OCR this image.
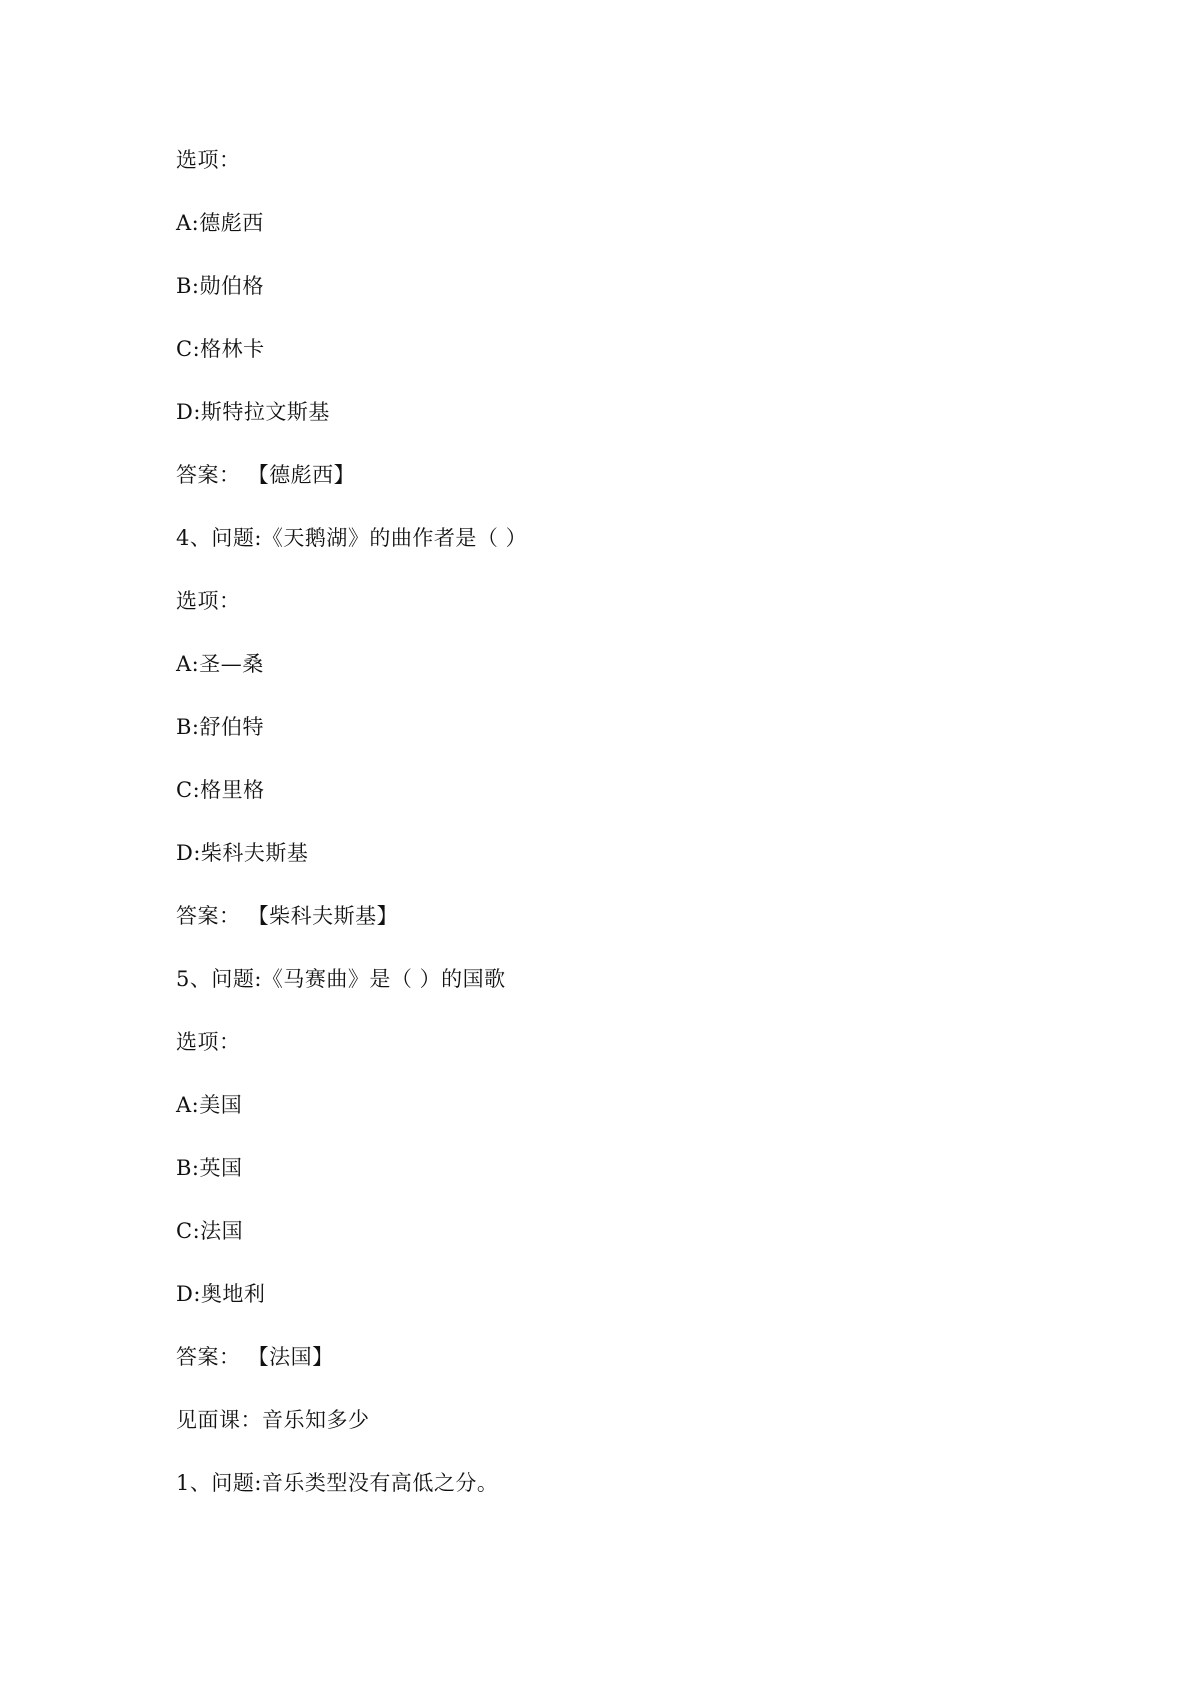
选项：
A:德彪西
B:勋伯格
C:格林卡
D:斯特拉文斯基
答案： 【德彪西】
4、问题:《天鹅湖》的曲作者是（ ）
选项：
A:圣—桑
B:舒伯特
C:格里格
D:柴科夫斯基
答案： 【柴科夫斯基】
5、问题:《马赛曲》是（ ）的国歌
选项：
A:美国
B:英国
C:法国
D:奥地利
答案： 【法国】
见面课：音乐知多少
1、问题:音乐类型没有高低之分。
